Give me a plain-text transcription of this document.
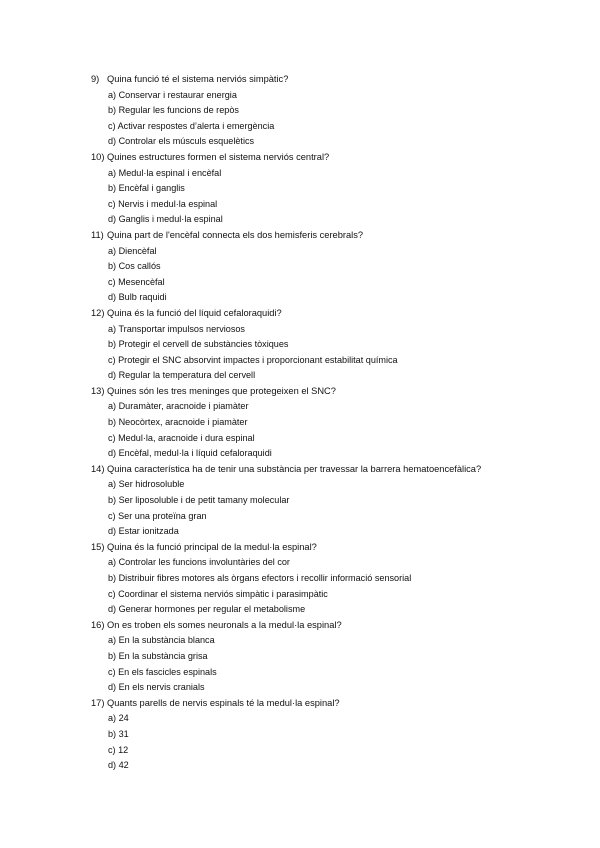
9) Quina funció té el sistema nerviós simpàtic?
a) Conservar i restaurar energia
b) Regular les funcions de repòs
c) Activar respostes d’alerta i emergència
d) Controlar els músculs esquelètics
10) Quines estructures formen el sistema nerviós central?
a) Medul·la espinal i encèfal
b) Encèfal i ganglis
c) Nervis i medul·la espinal
d) Ganglis i medul·la espinal
11) Quina part de l'encèfal connecta els dos hemisferis cerebrals?
a) Diencèfal
b) Cos callós
c) Mesencèfal
d) Bulb raquidi
12) Quina és la funció del líquid cefaloraquidi?
a) Transportar impulsos nerviosos
b) Protegir el cervell de substàncies tòxiques
c) Protegir el SNC absorvint impactes i proporcionant estabilitat química
d) Regular la temperatura del cervell
13) Quines són les tres meninges que protegeixen el SNC?
a) Duramàter, aracnoide i piamàter
b) Neocòrtex, aracnoide i piamàter
c) Medul·la, aracnoide i dura espinal
d) Encèfal, medul·la i líquid cefaloraquidi
14) Quina característica ha de tenir una substància per travessar la barrera hematoencefàlica?
a) Ser hidrosoluble
b) Ser liposoluble i de petit tamany molecular
c) Ser una proteïna gran
d) Estar ionitzada
15) Quina és la funció principal de la medul·la espinal?
a) Controlar les funcions involuntàries del cor
b) Distribuir fibres motores als òrgans efectors i recollir informació sensorial
c) Coordinar el sistema nerviós simpàtic i parasimpàtic
d) Generar hormones per regular el metabolisme
16) On es troben els somes neuronals a la medul·la espinal?
a) En la substància blanca
b) En la substància grisa
c) En els fascicles espinals
d) En els nervis cranials
17) Quants parells de nervis espinals té la medul·la espinal?
a) 24
b) 31
c) 12
d) 42
